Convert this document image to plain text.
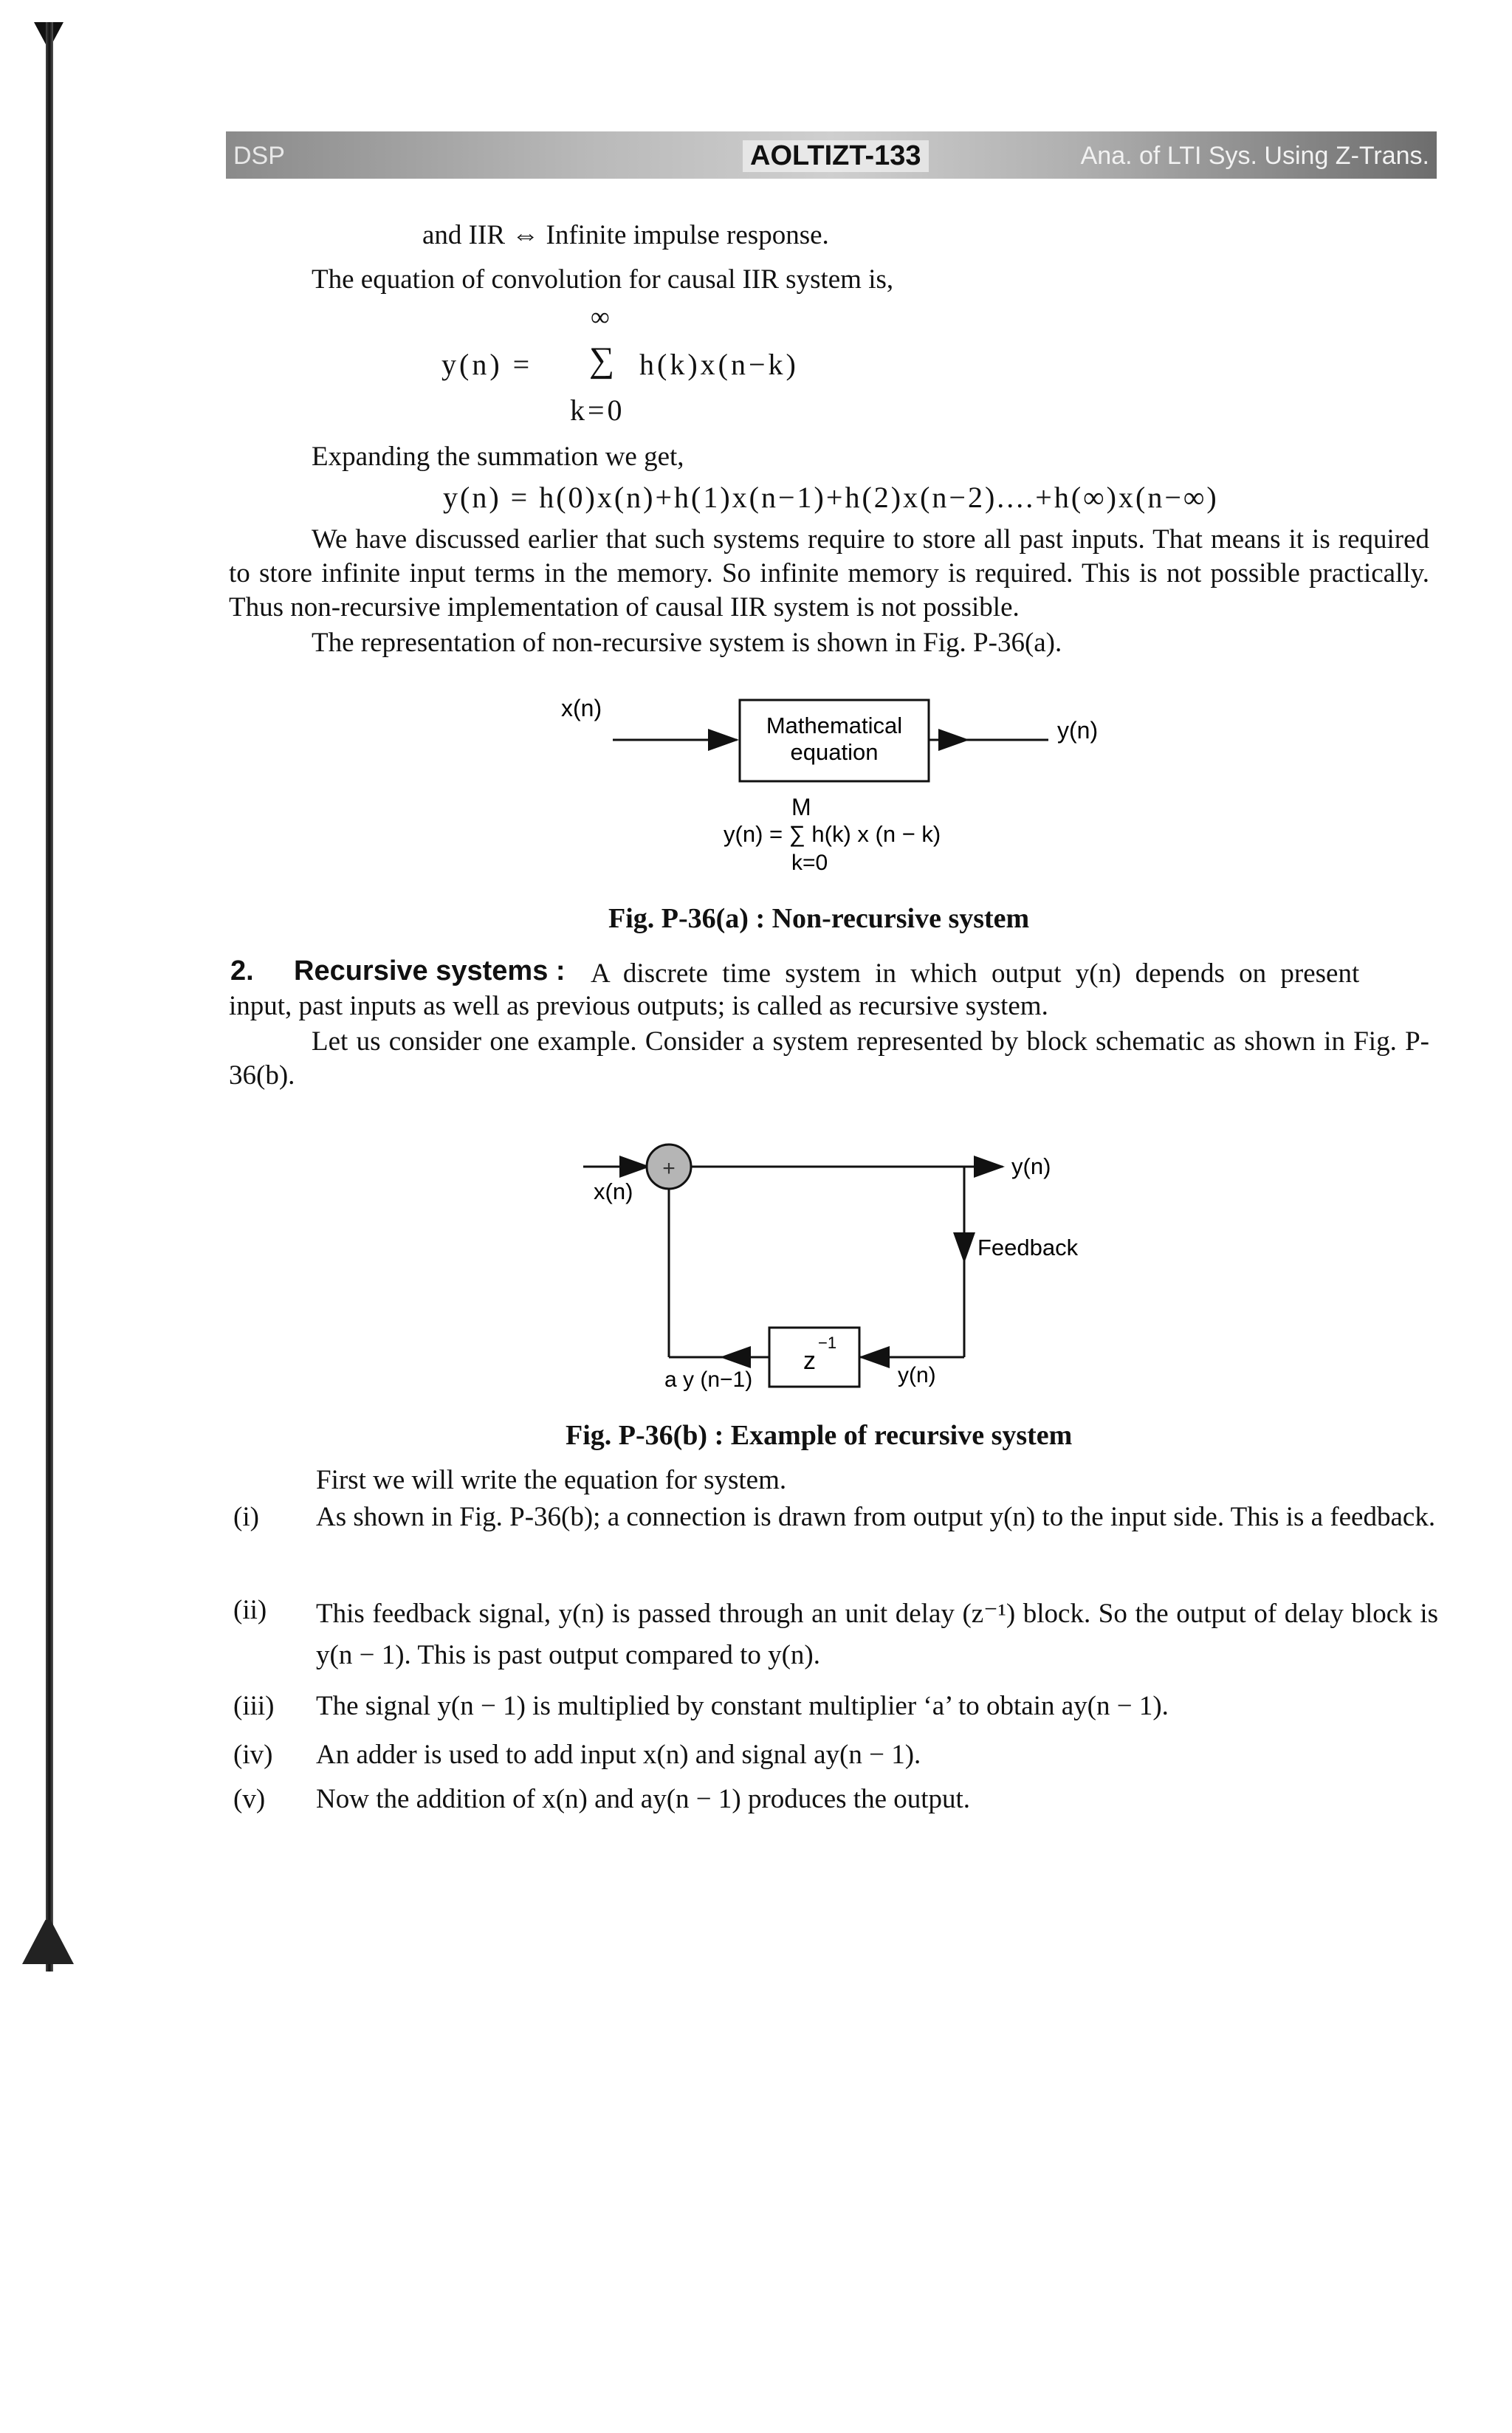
DSP	AOLTIZT-133	Ana. of LTI Sys. Using Z-Trans.
and IIR ⇔ Infinite impulse response.
The equation of convolution for causal IIR system is,
∞
y(n) = ∑ h(k)x(n−k)
k=0
Expanding the summation we get,
y(n) = h(0)x(n)+h(1)x(n−1)+h(2)x(n−2)....+h(∞)x(n−∞)
We have discussed earlier that such systems require to store all past inputs. That means it is required to store infinite input terms in the memory. So infinite memory is required. This is not possible practically. Thus non-recursive implementation of causal IIR system is not possible.
The representation of non-recursive system is shown in Fig. P-36(a).
x(n)
Mathematical
equation
y(n)
M
y(n) = ∑ h(k) x (n − k)
k=0
Fig. P-36(a) : Non-recursive system
2. Recursive systems : A discrete time system in which output y(n) depends on present
input, past inputs as well as previous outputs; is called as recursive system.
Let us consider one example. Consider a system represented by block schematic as shown in Fig. P-36(b).
x(n)
+	y(n)
Feedback
y(n)
z
−1
a y (n−1)
Fig. P-36(b) : Example of recursive system
First we will write the equation for system.
(i) As shown in Fig. P-36(b); a connection is drawn from output y(n) to the input side. This is a feedback.
(ii) This feedback signal, y(n) is passed through an unit delay (z⁻¹) block. So the output of delay block is y(n − 1). This is past output compared to y(n).
(iii) The signal y(n − 1) is multiplied by constant multiplier ‘a’ to obtain ay(n − 1).
(iv) An adder is used to add input x(n) and signal ay(n − 1).
(v) Now the addition of x(n) and ay(n − 1) produces the output.
